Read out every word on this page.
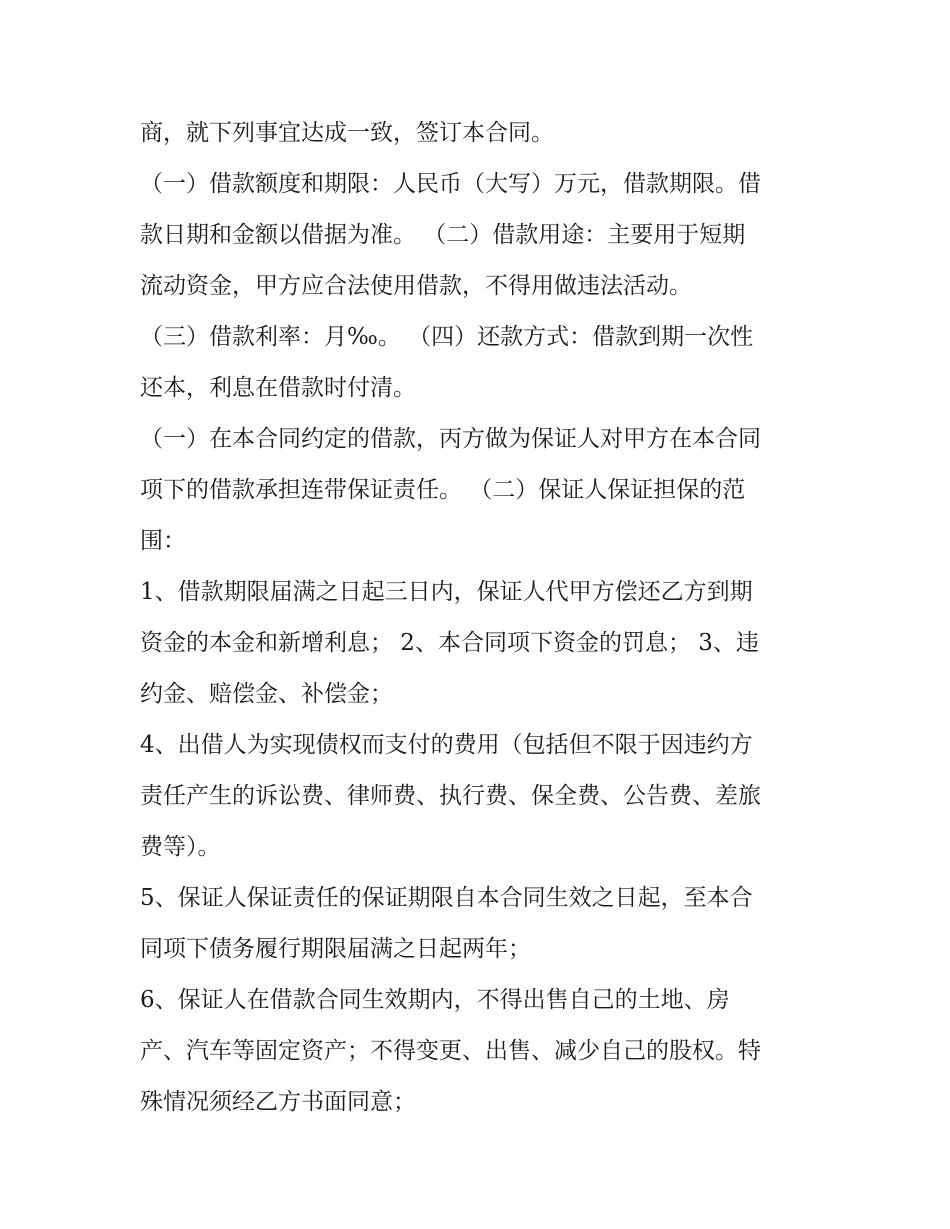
商，就下列事宜达成一致，签订本合同。
（一）借款额度和期限：人民币（大写）万元，借款期限。借
款日期和金额以借据为准。 （二）借款用途：主要用于短期
流动资金，甲方应合法使用借款，不得用做违法活动。
（三）借款利率：月‰。 （四）还款方式：借款到期一次性
还本，利息在借款时付清。
（一）在本合同约定的借款，丙方做为保证人对甲方在本合同
项下的借款承担连带保证责任。 （二）保证人保证担保的范
围：
1、借款期限届满之日起三日内，保证人代甲方偿还乙方到期
资金的本金和新增利息； 2、本合同项下资金的罚息； 3、违
约金、赔偿金、补偿金；
4、出借人为实现债权而支付的费用（包括但不限于因违约方
责任产生的诉讼费、律师费、执行费、保全费、公告费、差旅
费等）。
5、保证人保证责任的保证期限自本合同生效之日起，至本合
同项下债务履行期限届满之日起两年；
6、保证人在借款合同生效期内，不得出售自己的土地、房
产、汽车等固定资产；不得变更、出售、减少自己的股权。特
殊情况须经乙方书面同意；
